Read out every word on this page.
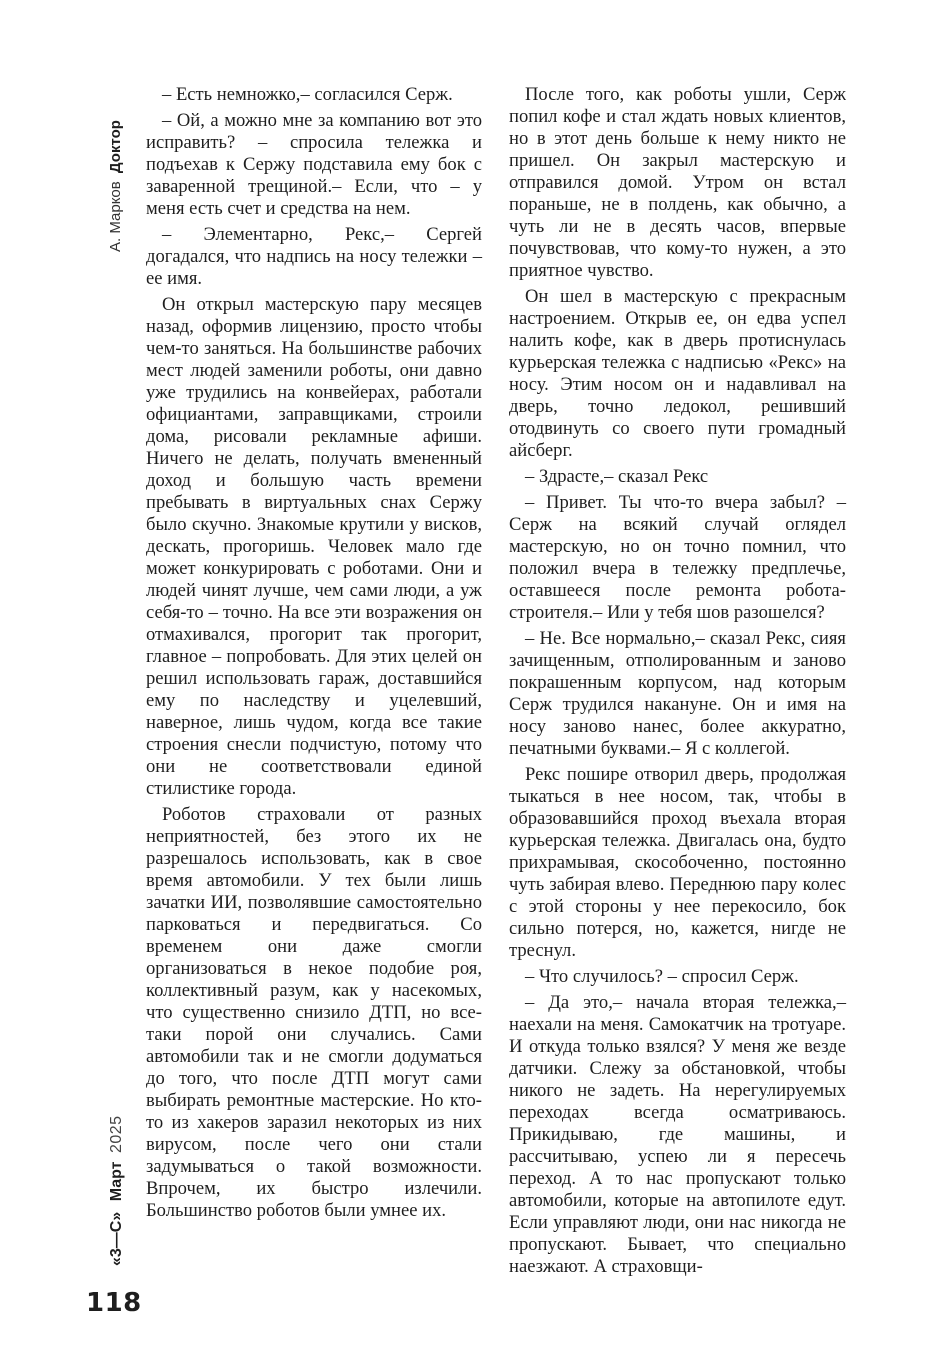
А. Марков Доктор
«3—С» Март 2025
118

– Есть немножко,– согласился Серж.

– Ой, а можно мне за компанию вот это исправить? – спросила тележка и подъехав к Сержу подставила ему бок с заваренной трещиной.– Если, что – у меня есть счет и средства на нем.

– Элементарно, Рекс,– Сергей догадался, что надпись на носу тележки – ее имя.

Он открыл мастерскую пару месяцев назад, оформив лицензию, просто чтобы чем-то заняться. На большинстве рабочих мест людей заменили роботы, они давно уже трудились на конвейерах, работали официантами, заправщиками, строили дома, рисовали рекламные афиши. Ничего не делать, получать вмененный доход и большую часть времени пребывать в виртуальных снах Сержу было скучно. Знакомые крутили у висков, дескать, прогоришь. Человек мало где может конкурировать с роботами. Они и людей чинят лучше, чем сами люди, а уж себя-то – точно. На все эти возражения он отмахивался, прогорит так прогорит, главное – попробовать. Для этих целей он решил использовать гараж, доставшийся ему по наследству и уцелевший, наверное, лишь чудом, когда все такие строения снесли подчистую, потому что они не соответствовали единой стилистике города.

Роботов страховали от разных неприятностей, без этого их не разрешалось использовать, как в свое время автомобили. У тех были лишь зачатки ИИ, позволявшие самостоятельно парковаться и передвигаться. Со временем они даже смогли организоваться в некое подобие роя, коллективный разум, как у насекомых, что существенно снизило ДТП, но все-таки порой они случались. Сами автомобили так и не смогли додуматься до того, что после ДТП могут сами выбирать ремонтные мастерские. Но кто-то из хакеров заразил некоторых из них вирусом, после чего они стали задумываться о такой возможности. Впрочем, их быстро излечили. Большинство роботов были умнее их.

После того, как роботы ушли, Серж попил кофе и стал ждать новых клиентов, но в этот день больше к нему никто не пришел. Он закрыл мастерскую и отправился домой. Утром он встал пораньше, не в полдень, как обычно, а чуть ли не в десять часов, впервые почувствовав, что кому-то нужен, а это приятное чувство.

Он шел в мастерскую с прекрасным настроением. Открыв ее, он едва успел налить кофе, как в дверь протиснулась курьерская тележка с надписью «Рекс» на носу. Этим носом он и надавливал на дверь, точно ледокол, решивший отодвинуть со своего пути громадный айсберг.

– Здрасте,– сказал Рекс

– Привет. Ты что-то вчера забыл? – Серж на всякий случай оглядел мастерскую, но он точно помнил, что положил вчера в тележку предплечье, оставшееся после ремонта робота-строителя.– Или у тебя шов разошелся?

– Не. Все нормально,– сказал Рекс, сияя зачищенным, отполированным и заново покрашенным корпусом, над которым Серж трудился накануне. Он и имя на носу заново нанес, более аккуратно, печатными буквами.– Я с коллегой.

Рекс пошире отворил дверь, продолжая тыкаться в нее носом, так, чтобы в образовавшийся проход въехала вторая курьерская тележка. Двигалась она, будто прихрамывая, скособоченно, постоянно чуть забирая влево. Переднюю пару колес с этой стороны у нее перекосило, бок сильно потерся, но, кажется, нигде не треснул.

– Что случилось? – спросил Серж.

– Да это,– начала вторая тележка,– наехали на меня. Самокатчик на тротуаре. И откуда только взялся? У меня же везде датчики. Слежу за обстановкой, чтобы никого не задеть. На нерегулируемых переходах всегда осматриваюсь. Прикидываю, где машины, и рассчитываю, успею ли я пересечь переход. А то нас пропускают только автомобили, которые на автопилоте едут. Если управляют люди, они нас никогда не пропускают. Бывает, что специально наезжают. А страховщи-
